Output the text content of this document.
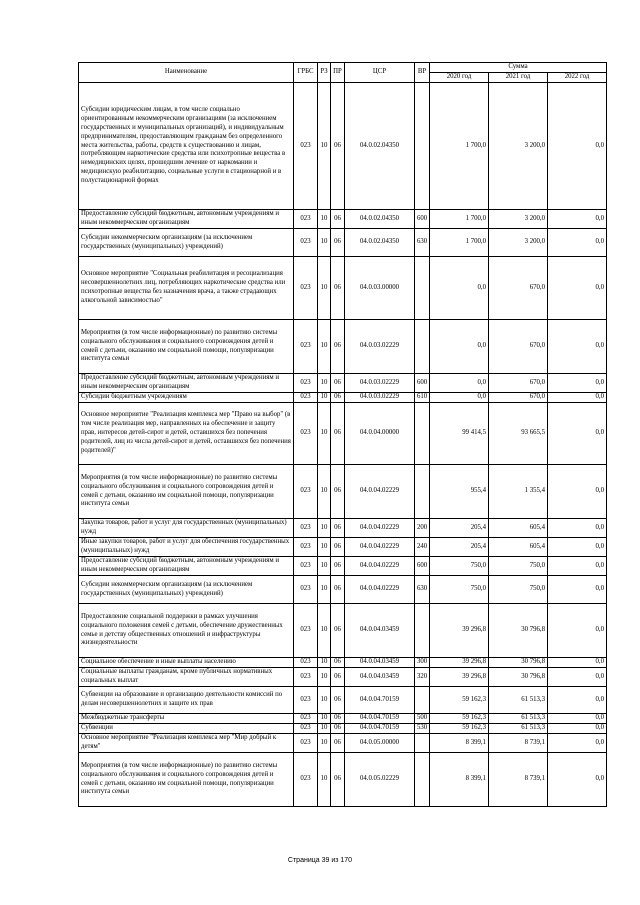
Наименование	ГРБС	РЗ	ПР	ЦСР	ВР	Сумма		
						2020 год	2021 год	2022 год
Субсидии юридическим лицам, в том числе социально ориентированным некоммерческим организациям (за исключением государственных и муниципальных организаций), и индивидуальным предпринимателям, предоставляющим гражданам без определенного места жительства, работы, средств к существованию и лицам, потребляющим наркотические средства или психотропные вещества в немедицинских целях, прошедшим лечение от наркомании и медицинскую реабилитацию, социальные услуги в стационарной и в полустационарной формах	023	10	06	04.0.02.04350		1 700,0	3 200,0	0,0
Предоставление субсидий бюджетным, автономным учреждениям и иным некоммерческим организациям	023	10	06	04.0.02.04350	600	1 700,0	3 200,0	0,0
Субсидии некоммерческим организациям (за исключением государственных (муниципальных) учреждений)	023	10	06	04.0.02.04350	630	1 700,0	3 200,0	0,0
Основное мероприятие "Социальная реабилитация и ресоциализация несовершеннолетних лиц, потребляющих наркотические средства или психотропные вещества без назначения врача, а также страдающих алкогольной зависимостью"	023	10	06	04.0.03.00000		0,0	670,0	0,0
Мероприятия (в том числе информационные) по развитию системы социального обслуживания и социального сопровождения детей и семей с детьми, оказанию им социальной помощи, популяризации института семьи	023	10	06	04.0.03.02229		0,0	670,0	0,0
Предоставление субсидий бюджетным, автономным учреждениям и иным некоммерческим организациям	023	10	06	04.0.03.02229	600	0,0	670,0	0,0
Субсидии бюджетным учреждениям	023	10	06	04.0.03.02229	610	0,0	670,0	0,0
Основное мероприятие "Реализация комплекса мер "Право на выбор" (в том числе реализация мер, направленных на обеспечение и защиту прав, интересов детей-сирот и детей, оставшихся без попечения родителей, лиц из числа детей-сирот и детей, оставшихся без попечения родителей)"	023	10	06	04.0.04.00000		99 414,5	93 665,5	0,0
Мероприятия (в том числе информационные) по развитию системы социального обслуживания и социального сопровождения детей и семей с детьми, оказанию им социальной помощи, популяризации института семьи	023	10	06	04.0.04.02229		955,4	1 355,4	0,0
Закупка товаров, работ и услуг для государственных (муниципальных) нужд	023	10	06	04.0.04.02229	200	205,4	605,4	0,0
Иные закупки товаров, работ и услуг для обеспечения государственных (муниципальных) нужд	023	10	06	04.0.04.02229	240	205,4	605,4	0,0
Предоставление субсидий бюджетным, автономным учреждениям и иным некоммерческим организациям	023	10	06	04.0.04.02229	600	750,0	750,0	0,0
Субсидии некоммерческим организациям (за исключением государственных (муниципальных) учреждений)	023	10	06	04.0.04.02229	630	750,0	750,0	0,0
Предоставление социальной поддержки в рамках улучшения социального положения семей с детьми, обеспечение дружественных семье и детству общественных отношений и инфраструктуры жизнедеятельности	023	10	06	04.0.04.03459		39 296,8	30 796,8	0,0
Социальное обеспечение и иные выплаты населению	023	10	06	04.0.04.03459	300	39 296,8	30 796,8	0,0
Социальные выплаты гражданам, кроме публичных нормативных социальных выплат	023	10	06	04.0.04.03459	320	39 296,8	30 796,8	0,0
Субвенции на образование и организацию деятельности комиссий по делам несовершеннолетних и защите их прав	023	10	06	04.0.04.70159		59 162,3	61 513,3	0,0
Межбюджетные трансферты	023	10	06	04.0.04.70159	500	59 162,3	61 513,3	0,0
Субвенции	023	10	06	04.0.04.70159	530	59 162,3	61 513,3	0,0
Основное мероприятие "Реализация комплекса мер "Мир добрый к детям"	023	10	06	04.0.05.00000		8 399,1	8 739,1	0,0
Мероприятия (в том числе информационные) по развитию системы социального обслуживания и социального сопровождения детей и семей с детьми, оказанию им социальной помощи, популяризации института семьи	023	10	06	04.0.05.02229		8 399,1	8 739,1	0,0
Страница 39 из 170
